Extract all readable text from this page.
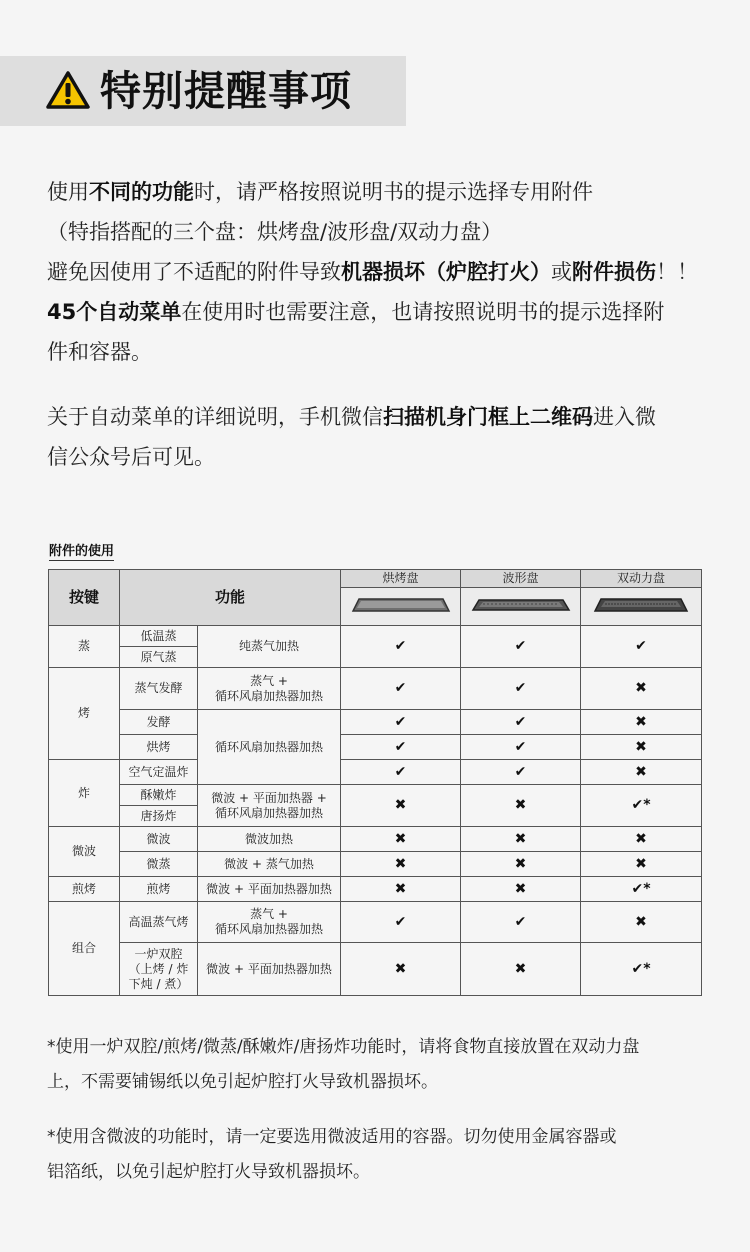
特别提醒事项

使用不同的功能时，请严格按照说明书的提示选择专用附件

（特指搭配的三个盘：烘烤盘/波形盘/双动力盘）

避免因使用了不适配的附件导致机器损坏（炉腔打火）或附件损伤！！

45个自动菜单在使用时也需要注意，也请按照说明书的提示选择附

件和容器。

关于自动菜单的详细说明，手机微信扫描机身门框上二维码进入微

信公众号后可见。

附件的使用
按键	功能		烘烤盘	波形盘	双动力盘

蒸	低温蒸	纯蒸气加热	✔	✔	✔
	原气蒸				
烤	蒸气发酵	蒸气 +
循环风扇加热器加热	✔	✔	✖
	发酵	循环风扇加热器加热	✔	✔	✖
	烘烤		✔	✔	✖
炸	空气定温炸		✔	✔	✖
	酥嫩炸	微波 + 平面加热器 +
循环风扇加热器加热	✖	✖	✔*
	唐扬炸				
微波	微波	微波加热	✖	✖	✖
	微蒸	微波 + 蒸气加热	✖	✖	✖
煎烤	煎烤	微波 + 平面加热器加热	✖	✖	✔*
组合	高温蒸气烤	蒸气 +
循环风扇加热器加热	✔	✔	✖

	一炉双腔
（上烤 / 炸
下炖 / 煮）	微波 + 平面加热器加热	✖	✖	✔*

*使用一炉双腔/煎烤/微蒸/酥嫩炸/唐扬炸功能时，请将食物直接放置在双动力盘

上，不需要铺锡纸以免引起炉腔打火导致机器损坏。

*使用含微波的功能时，请一定要选用微波适用的容器。切勿使用金属容器或

铝箔纸，以免引起炉腔打火导致机器损坏。
